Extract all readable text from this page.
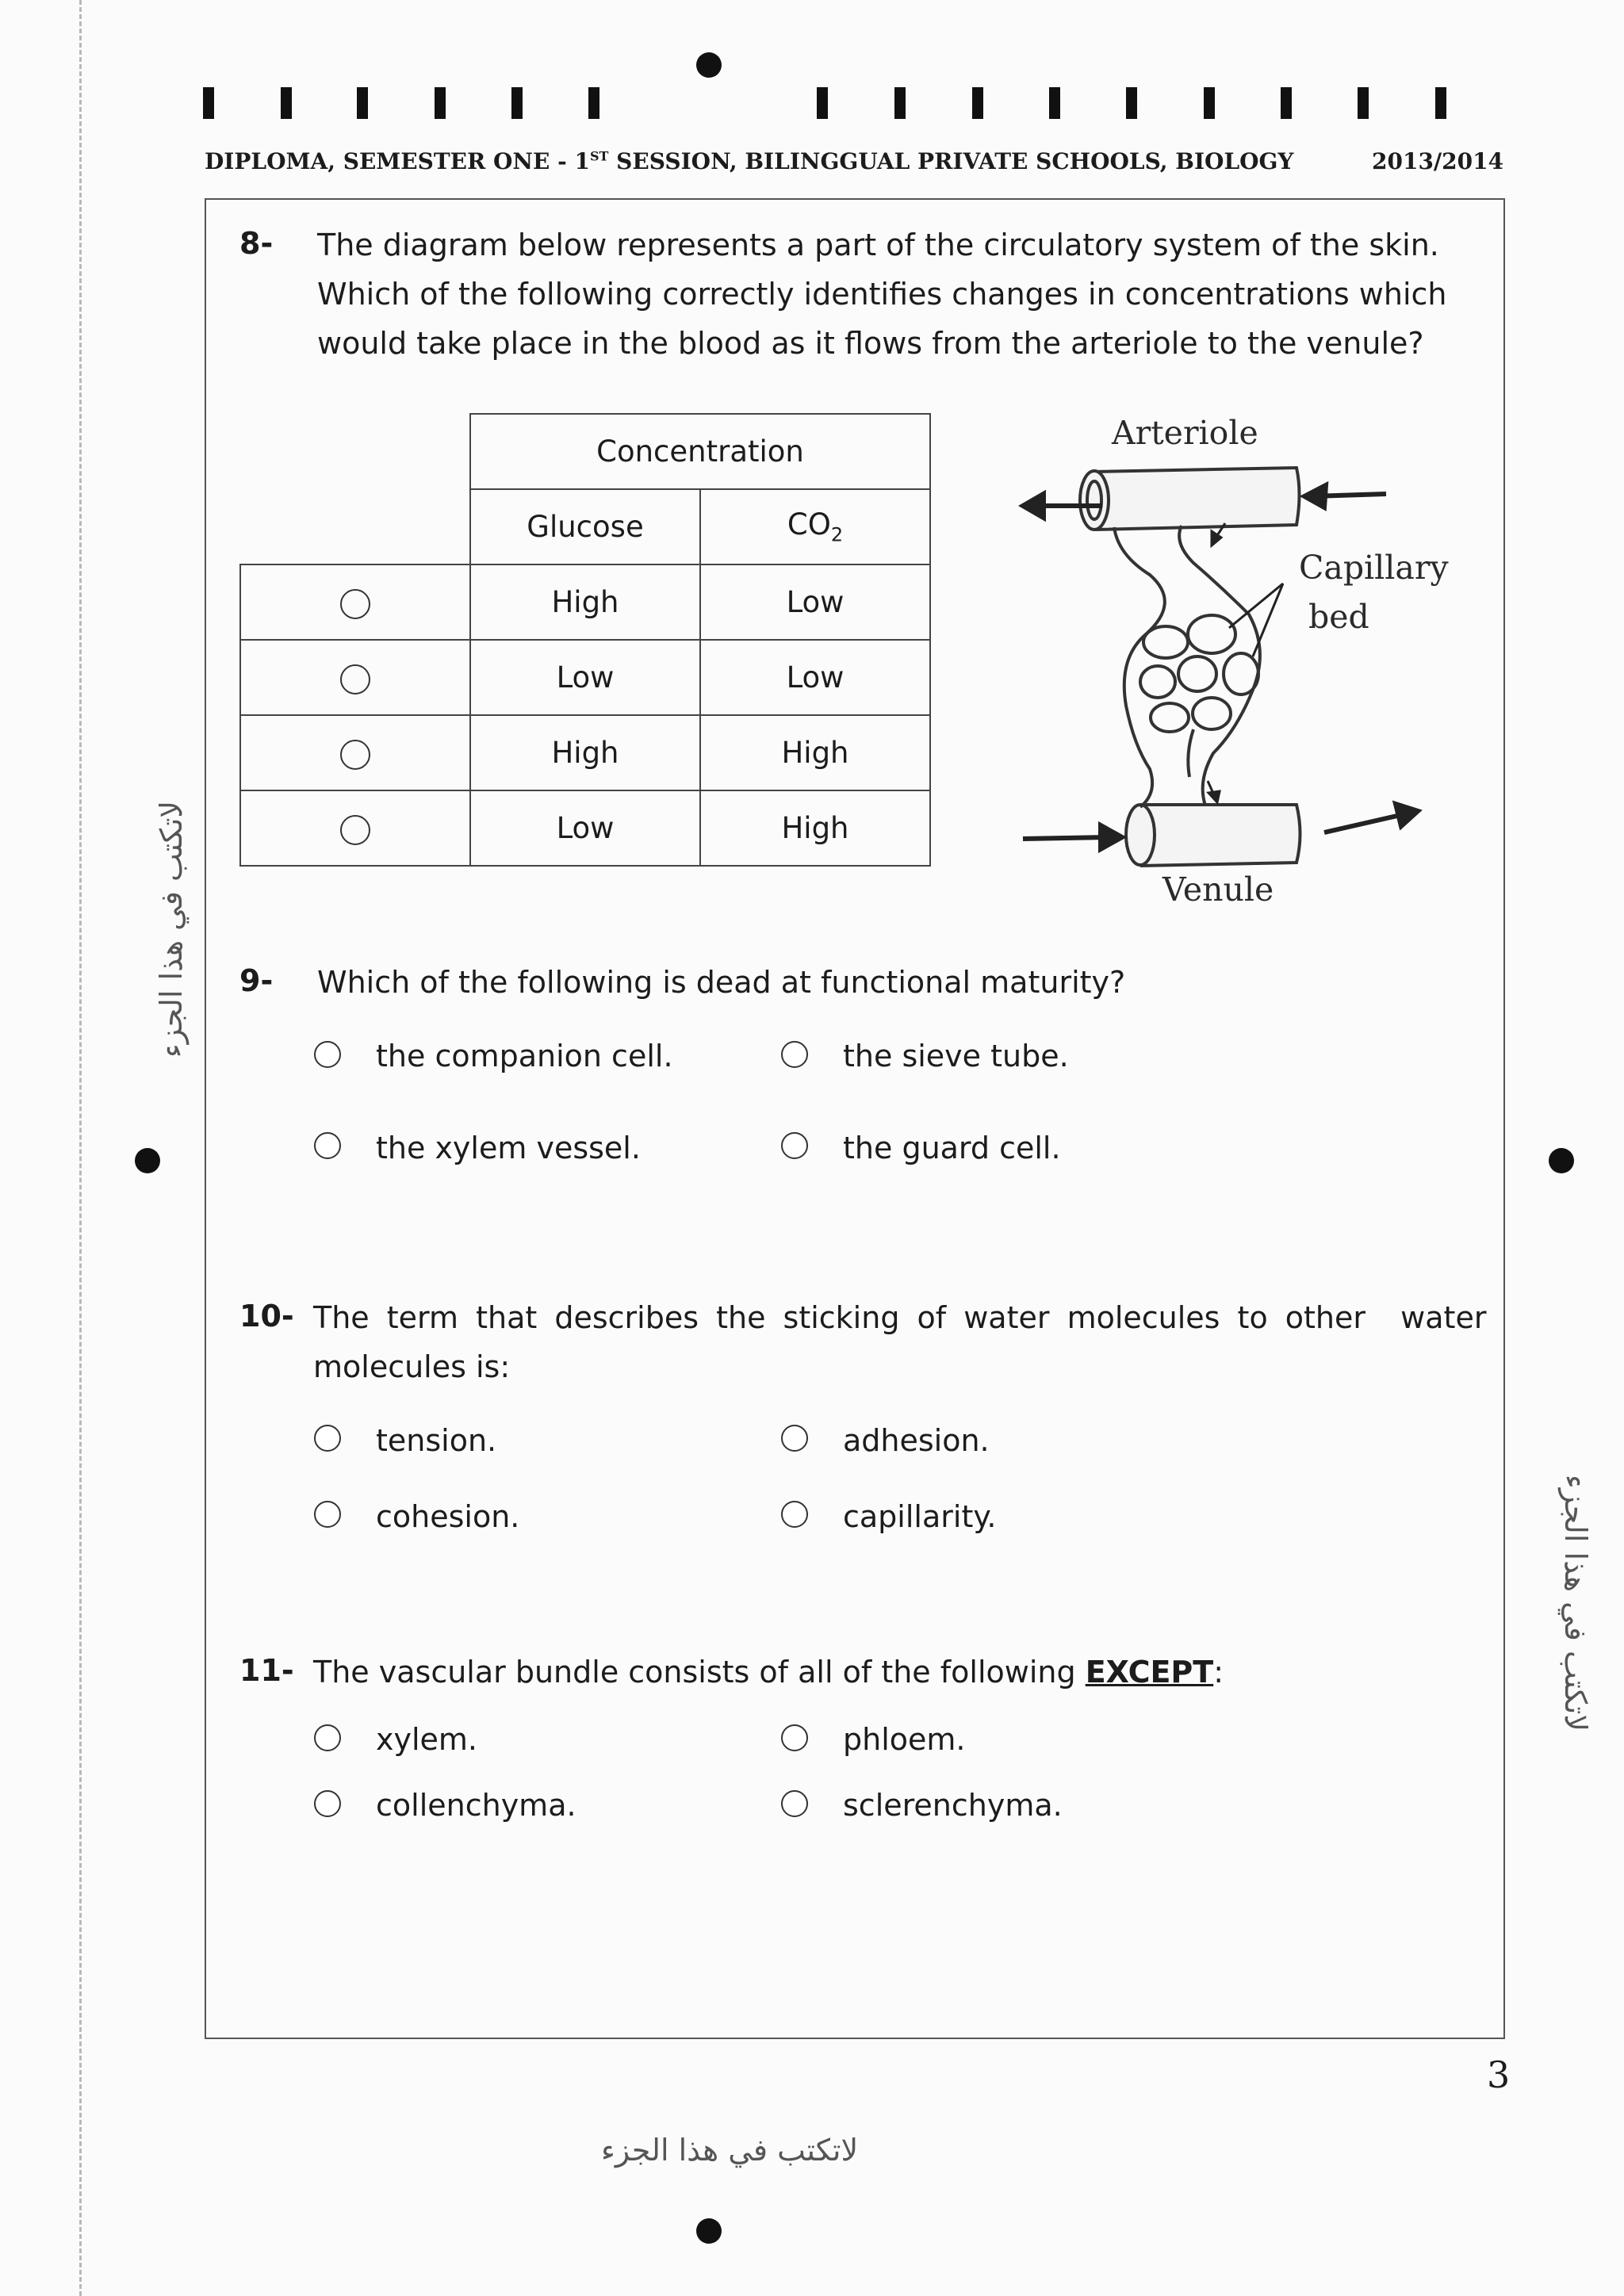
DIPLOMA, SEMESTER ONE - 1ST SESSION, BILINGGUAL PRIVATE SCHOOLS, BIOLOGY	2013/2014
8- The diagram below represents a part of the circulatory system of the skin.
Which of the following correctly identifies changes in concentrations which
would take place in the blood as it flows from the arteriole to the venule?
	Concentration	
	Glucose	$CO_2$
	High	Low
	Low	Low
	High	High
	Low	High
Arteriole
Capillary
bed
Venule
9- Which of the following is dead at functional maturity?
the companion cell.	the sieve tube.
the xylem vessel.	the guard cell.
10- The term that describes the sticking of water molecules to other  water
molecules is:
tension.	adhesion.
cohesion.	capillarity.
11- The vascular bundle consists of all of the following EXCEPT:
xylem.	phloem.
collenchyma.	sclerenchyma.
3
لاتكتب في هذا الجزء
لاتكتب في هذا الجزء
لاتكتب في هذا الجزء
